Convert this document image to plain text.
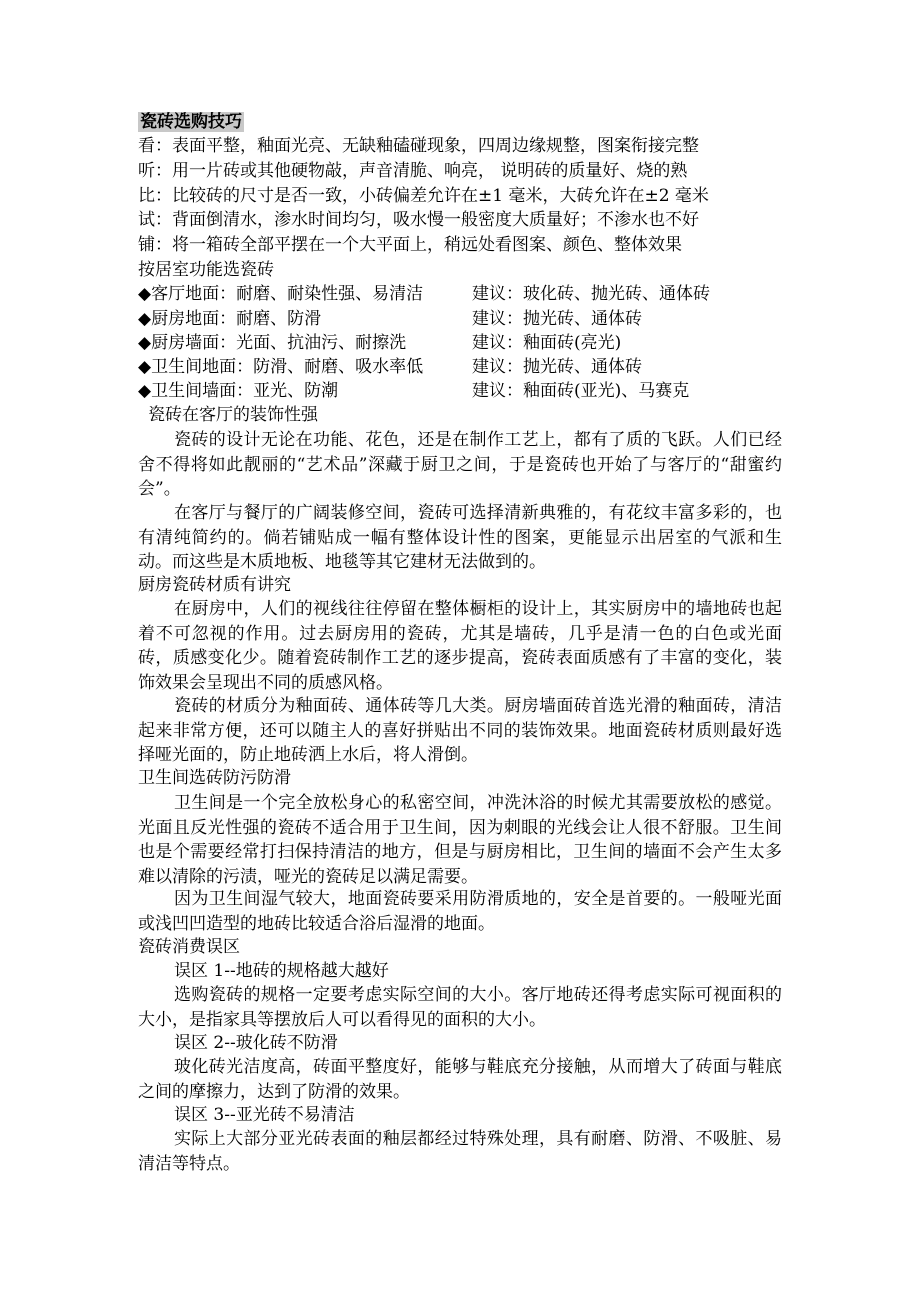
瓷砖选购技巧
看：表面平整，釉面光亮、无缺釉磕碰现象，四周边缘规整，图案衔接完整
听：用一片砖或其他硬物敲，声音清脆、响亮， 说明砖的质量好、烧的熟
比：比较砖的尺寸是否一致，小砖偏差允许在±1 毫米，大砖允许在±2 毫米
试：背面倒清水，渗水时间均匀，吸水慢一般密度大质量好；不渗水也不好
铺：将一箱砖全部平摆在一个大平面上，稍远处看图案、颜色、整体效果
按居室功能选瓷砖
◆客厅地面：耐磨、耐染性强、易清洁	建议：玻化砖、抛光砖、通体砖
◆厨房地面：耐磨、防滑	建议：抛光砖、通体砖
◆厨房墙面：光面、抗油污、耐擦洗	建议：釉面砖(亮光)
◆卫生间地面：防滑、耐磨、吸水率低	建议：抛光砖、通体砖
◆卫生间墙面：亚光、防潮	建议：釉面砖(亚光)、马赛克
瓷砖在客厅的装饰性强

瓷砖的设计无论在功能、花色，还是在制作工艺上，都有了质的飞跃。人们已经舍不得将如此靓丽的“艺术品”深藏于厨卫之间，于是瓷砖也开始了与客厅的“甜蜜约会”。

在客厅与餐厅的广阔装修空间，瓷砖可选择清新典雅的，有花纹丰富多彩的，也有清纯简约的。倘若铺贴成一幅有整体设计性的图案，更能显示出居室的气派和生动。而这些是木质地板、地毯等其它建材无法做到的。

厨房瓷砖材质有讲究

在厨房中，人们的视线往往停留在整体橱柜的设计上，其实厨房中的墙地砖也起着不可忽视的作用。过去厨房用的瓷砖，尤其是墙砖，几乎是清一色的白色或光面砖，质感变化少。随着瓷砖制作工艺的逐步提高，瓷砖表面质感有了丰富的变化，装饰效果会呈现出不同的质感风格。

瓷砖的材质分为釉面砖、通体砖等几大类。厨房墙面砖首选光滑的釉面砖，清洁起来非常方便，还可以随主人的喜好拼贴出不同的装饰效果。地面瓷砖材质则最好选择哑光面的，防止地砖洒上水后，将人滑倒。

卫生间选砖防污防滑

卫生间是一个完全放松身心的私密空间，冲洗沐浴的时候尤其需要放松的感觉。光面且反光性强的瓷砖不适合用于卫生间，因为刺眼的光线会让人很不舒服。卫生间也是个需要经常打扫保持清洁的地方，但是与厨房相比，卫生间的墙面不会产生太多难以清除的污渍，哑光的瓷砖足以满足需要。

因为卫生间湿气较大，地面瓷砖要采用防滑质地的，安全是首要的。一般哑光面或浅凹凹造型的地砖比较适合浴后湿滑的地面。

瓷砖消费误区
误区 1--地砖的规格越大越好

选购瓷砖的规格一定要考虑实际空间的大小。客厅地砖还得考虑实际可视面积的大小，是指家具等摆放后人可以看得见的面积的大小。

误区 2--玻化砖不防滑

玻化砖光洁度高，砖面平整度好，能够与鞋底充分接触，从而增大了砖面与鞋底之间的摩擦力，达到了防滑的效果。

误区 3--亚光砖不易清洁

实际上大部分亚光砖表面的釉层都经过特殊处理，具有耐磨、防滑、不吸脏、易清洁等特点。
